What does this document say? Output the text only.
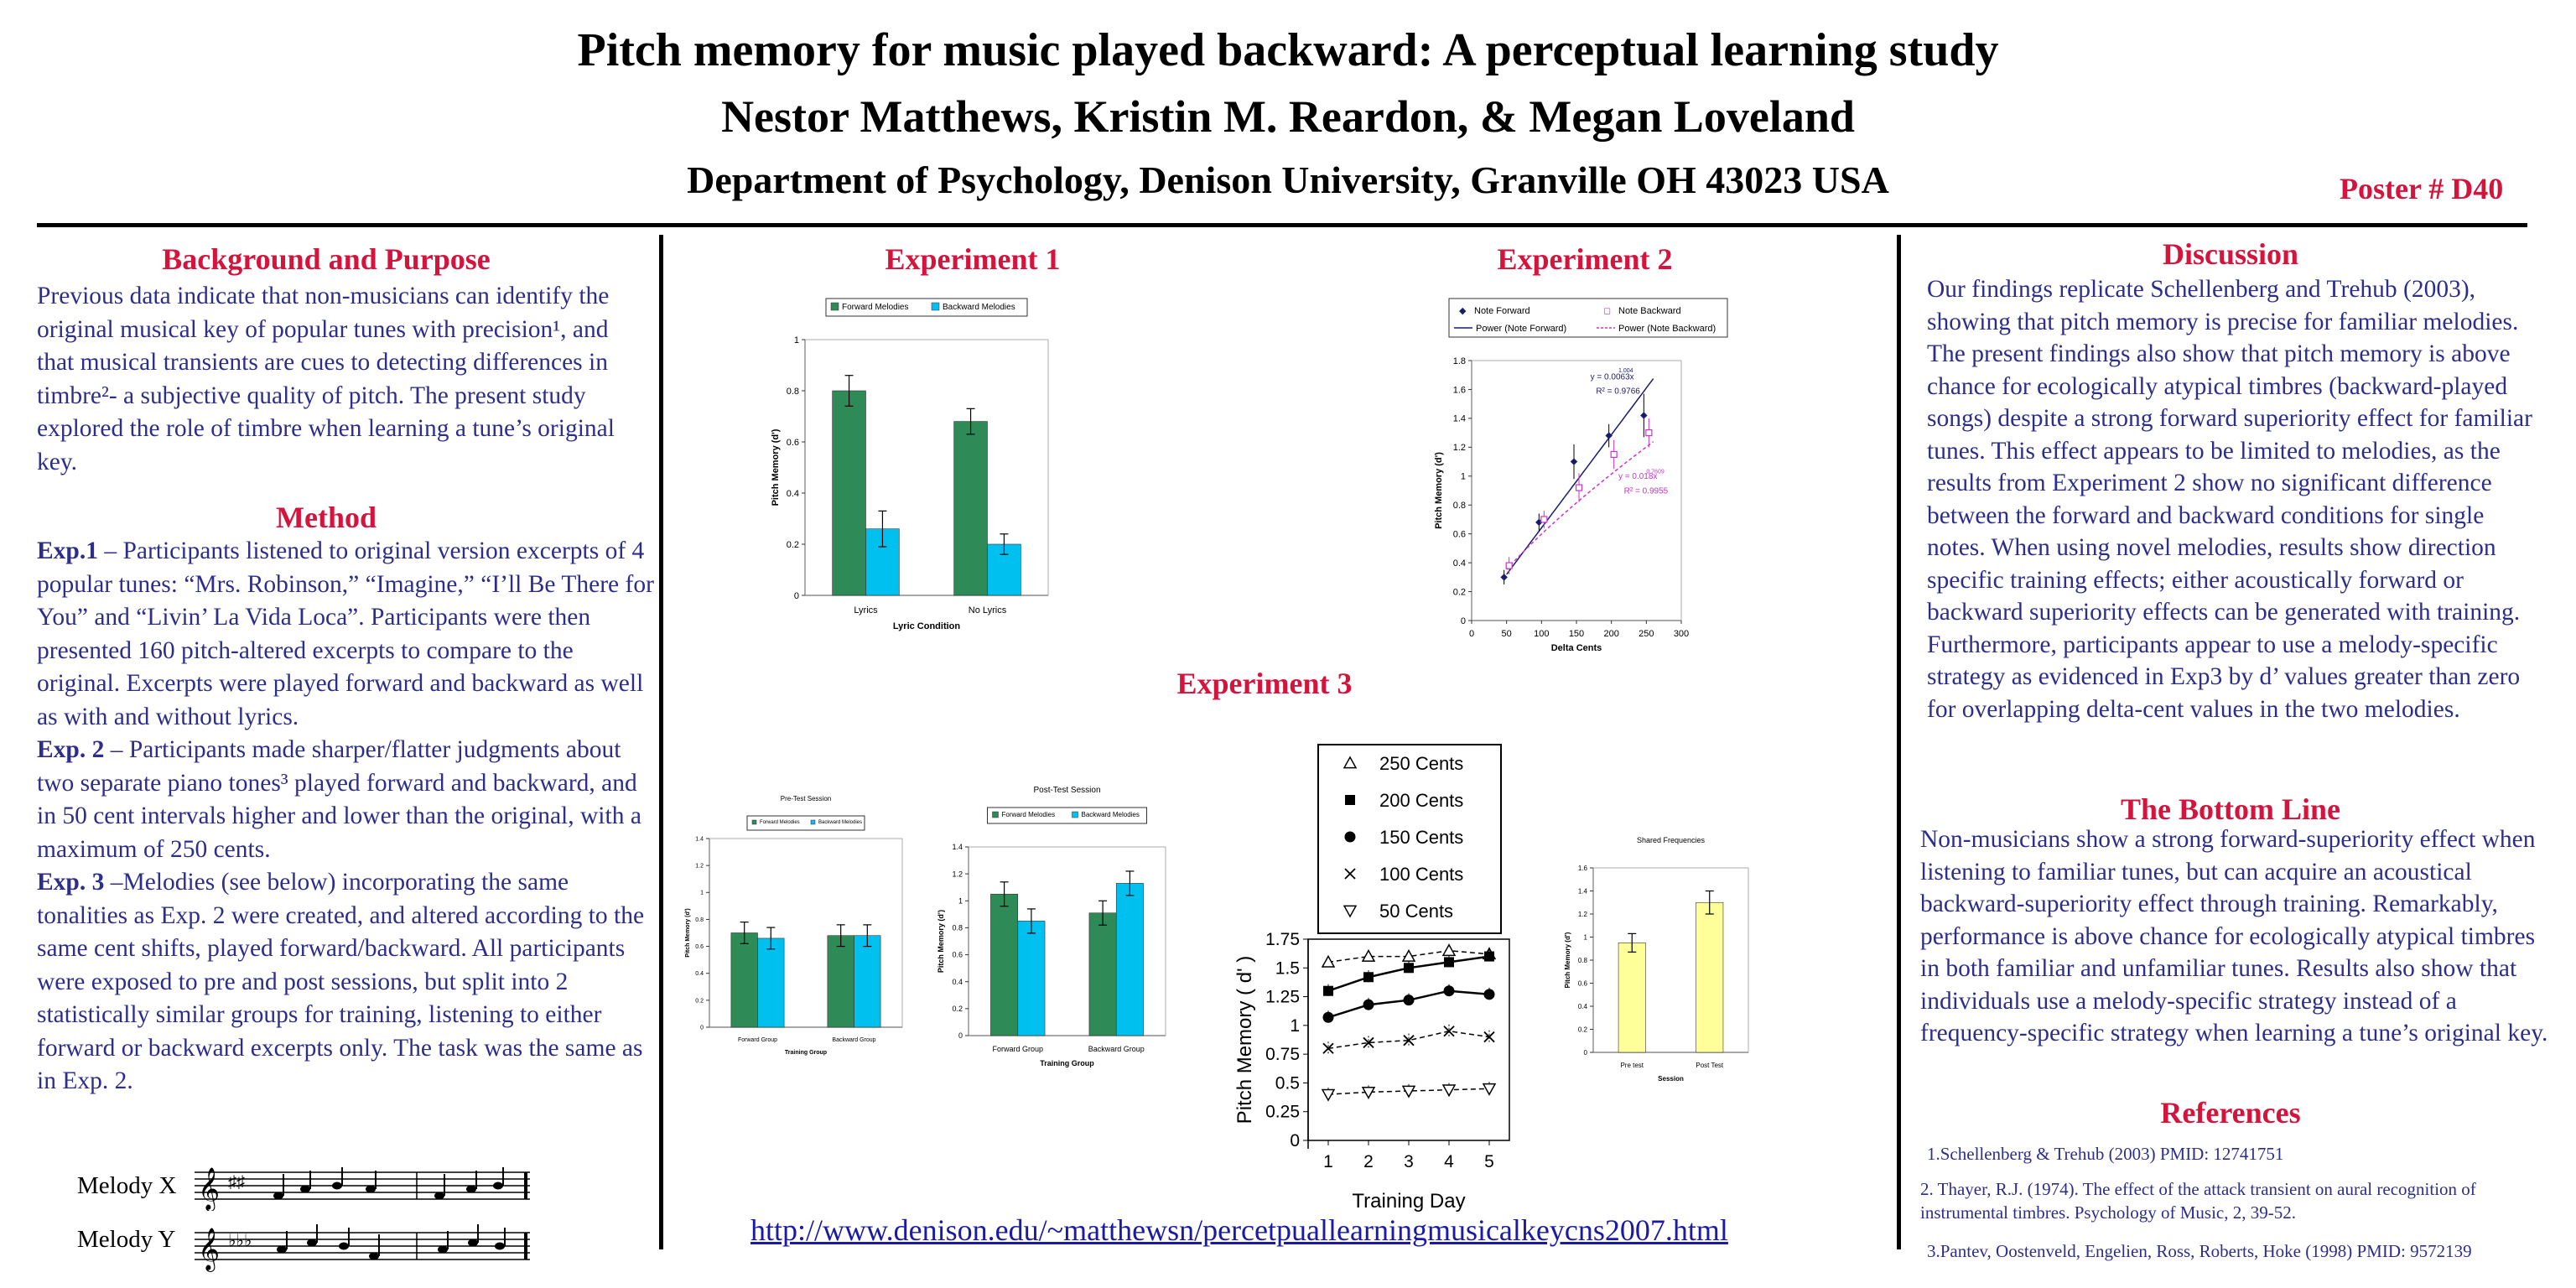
Pitch memory for music played backward: A perceptual learning study
Nestor Matthews, Kristin M. Reardon, & Megan Loveland
Department of Psychology, Denison University, Granville OH 43023 USA	Poster # D40
Background and Purpose

Previous data indicate that non-musicians can identify the original musical key of popular tunes with precision¹, and that musical transients are cues to detecting differences in timbre²- a subjective quality of pitch. The present study explored the role of timbre when learning a tune’s original key.

Method

Exp.1 – Participants listened to original version excerpts of 4 popular tunes: “Mrs. Robinson,” “Imagine,” “I’ll Be There for You” and “Livin’ La Vida Loca”. Participants were then presented 160 pitch-altered excerpts to compare to the original. Excerpts were played forward and backward as well as with and without lyrics.

Exp. 2 – Participants made sharper/flatter judgments about two separate piano tones³ played forward and backward, and in 50 cent intervals higher and lower than the original, with a maximum of 250 cents.

Exp. 3 –Melodies (see below) incorporating the same tonalities as Exp. 2 were created, and altered according to the same cent shifts, played forward/backward. All participants were exposed to pre and post sessions, but split into 2 statistically similar groups for training, listening to either forward or backward excerpts only. The task was the same as in Exp. 2.

Melody X
Melody Y
𝄞 ♯♯
𝄞 ♭♭♭
Experiment 1	Experiment 2
Experiment 3
Forward Melodies	Backward Melodies
0
0.2
0.4
0.6
0.8
1
Lyrics	No Lyrics
Lyric Condition
Pitch Memory (d')
◆ Note Forward	◻ Note Backward
Power (Note Forward)	Power (Note Backward)
0
0.2
0.4
0.6
0.8
1
1.2
1.4
1.6
1.8
0	50 100 150 200 250 300
y = 0.0063x
1.004
R² = 0.9766
y = 0.018x
0.7609
R² = 0.9955
Delta Cents
Pitch Memory (d')
Pre-Test Session
Forward Melodies	Backward Melodies
0
0.2
0.4
0.6
0.8
1
1.2
1.4
Forward Group	Backward Group
Training Group
Pitch Memory (d')
Post-Test Session
Forward Melodies	Backward Melodies
0
0.2
0.4
0.6
0.8
1
1.2
1.4
Forward Group	Backward Group
Training Group
Pitch Memory (d')
250 Cents
200 Cents
150 Cents
100 Cents
50 Cents
0
0.25
0.5
0.75
1
1.25
1.5
1.75
1 2 3 4 5
Training Day
Pitch Memory ( d' )
Shared Frequencies
0
0.2
0.4
0.6
0.8
1
1.2
1.4
1.6
Pre test	Post Test
Session
Pitch Memory (d')
http://www.denison.edu/~matthewsn/percetpuallearningmusicalkeycns2007.html
Discussion

Our findings replicate Schellenberg and Trehub (2003), showing that pitch memory is precise for familiar melodies. The present findings also show that pitch memory is above chance for ecologically atypical timbres (backward-played songs) despite a strong forward superiority effect for familiar tunes. This effect appears to be limited to melodies, as the results from Experiment 2 show no significant difference between the forward and backward conditions for single notes. When using novel melodies, results show direction specific training effects; either acoustically forward or backward superiority effects can be generated with training. Furthermore, participants appear to use a melody-specific strategy as evidenced in Exp3 by d’ values greater than zero for overlapping delta-cent values in the two melodies.

The Bottom Line

Non-musicians show a strong forward-superiority effect when listening to familiar tunes, but can acquire an acoustical backward-superiority effect through training. Remarkably, performance is above chance for ecologically atypical timbres in both familiar and unfamiliar tunes. Results also show that individuals use a melody-specific strategy instead of a frequency-specific strategy when learning a tune’s original key.

References
1.Schellenberg & Trehub (2003) PMID: 12741751
2. Thayer, R.J. (1974). The effect of the attack transient on aural recognition of instrumental timbres. Psychology of Music, 2, 39-52.
3.Pantev, Oostenveld, Engelien, Ross, Roberts, Hoke (1998) PMID: 9572139
